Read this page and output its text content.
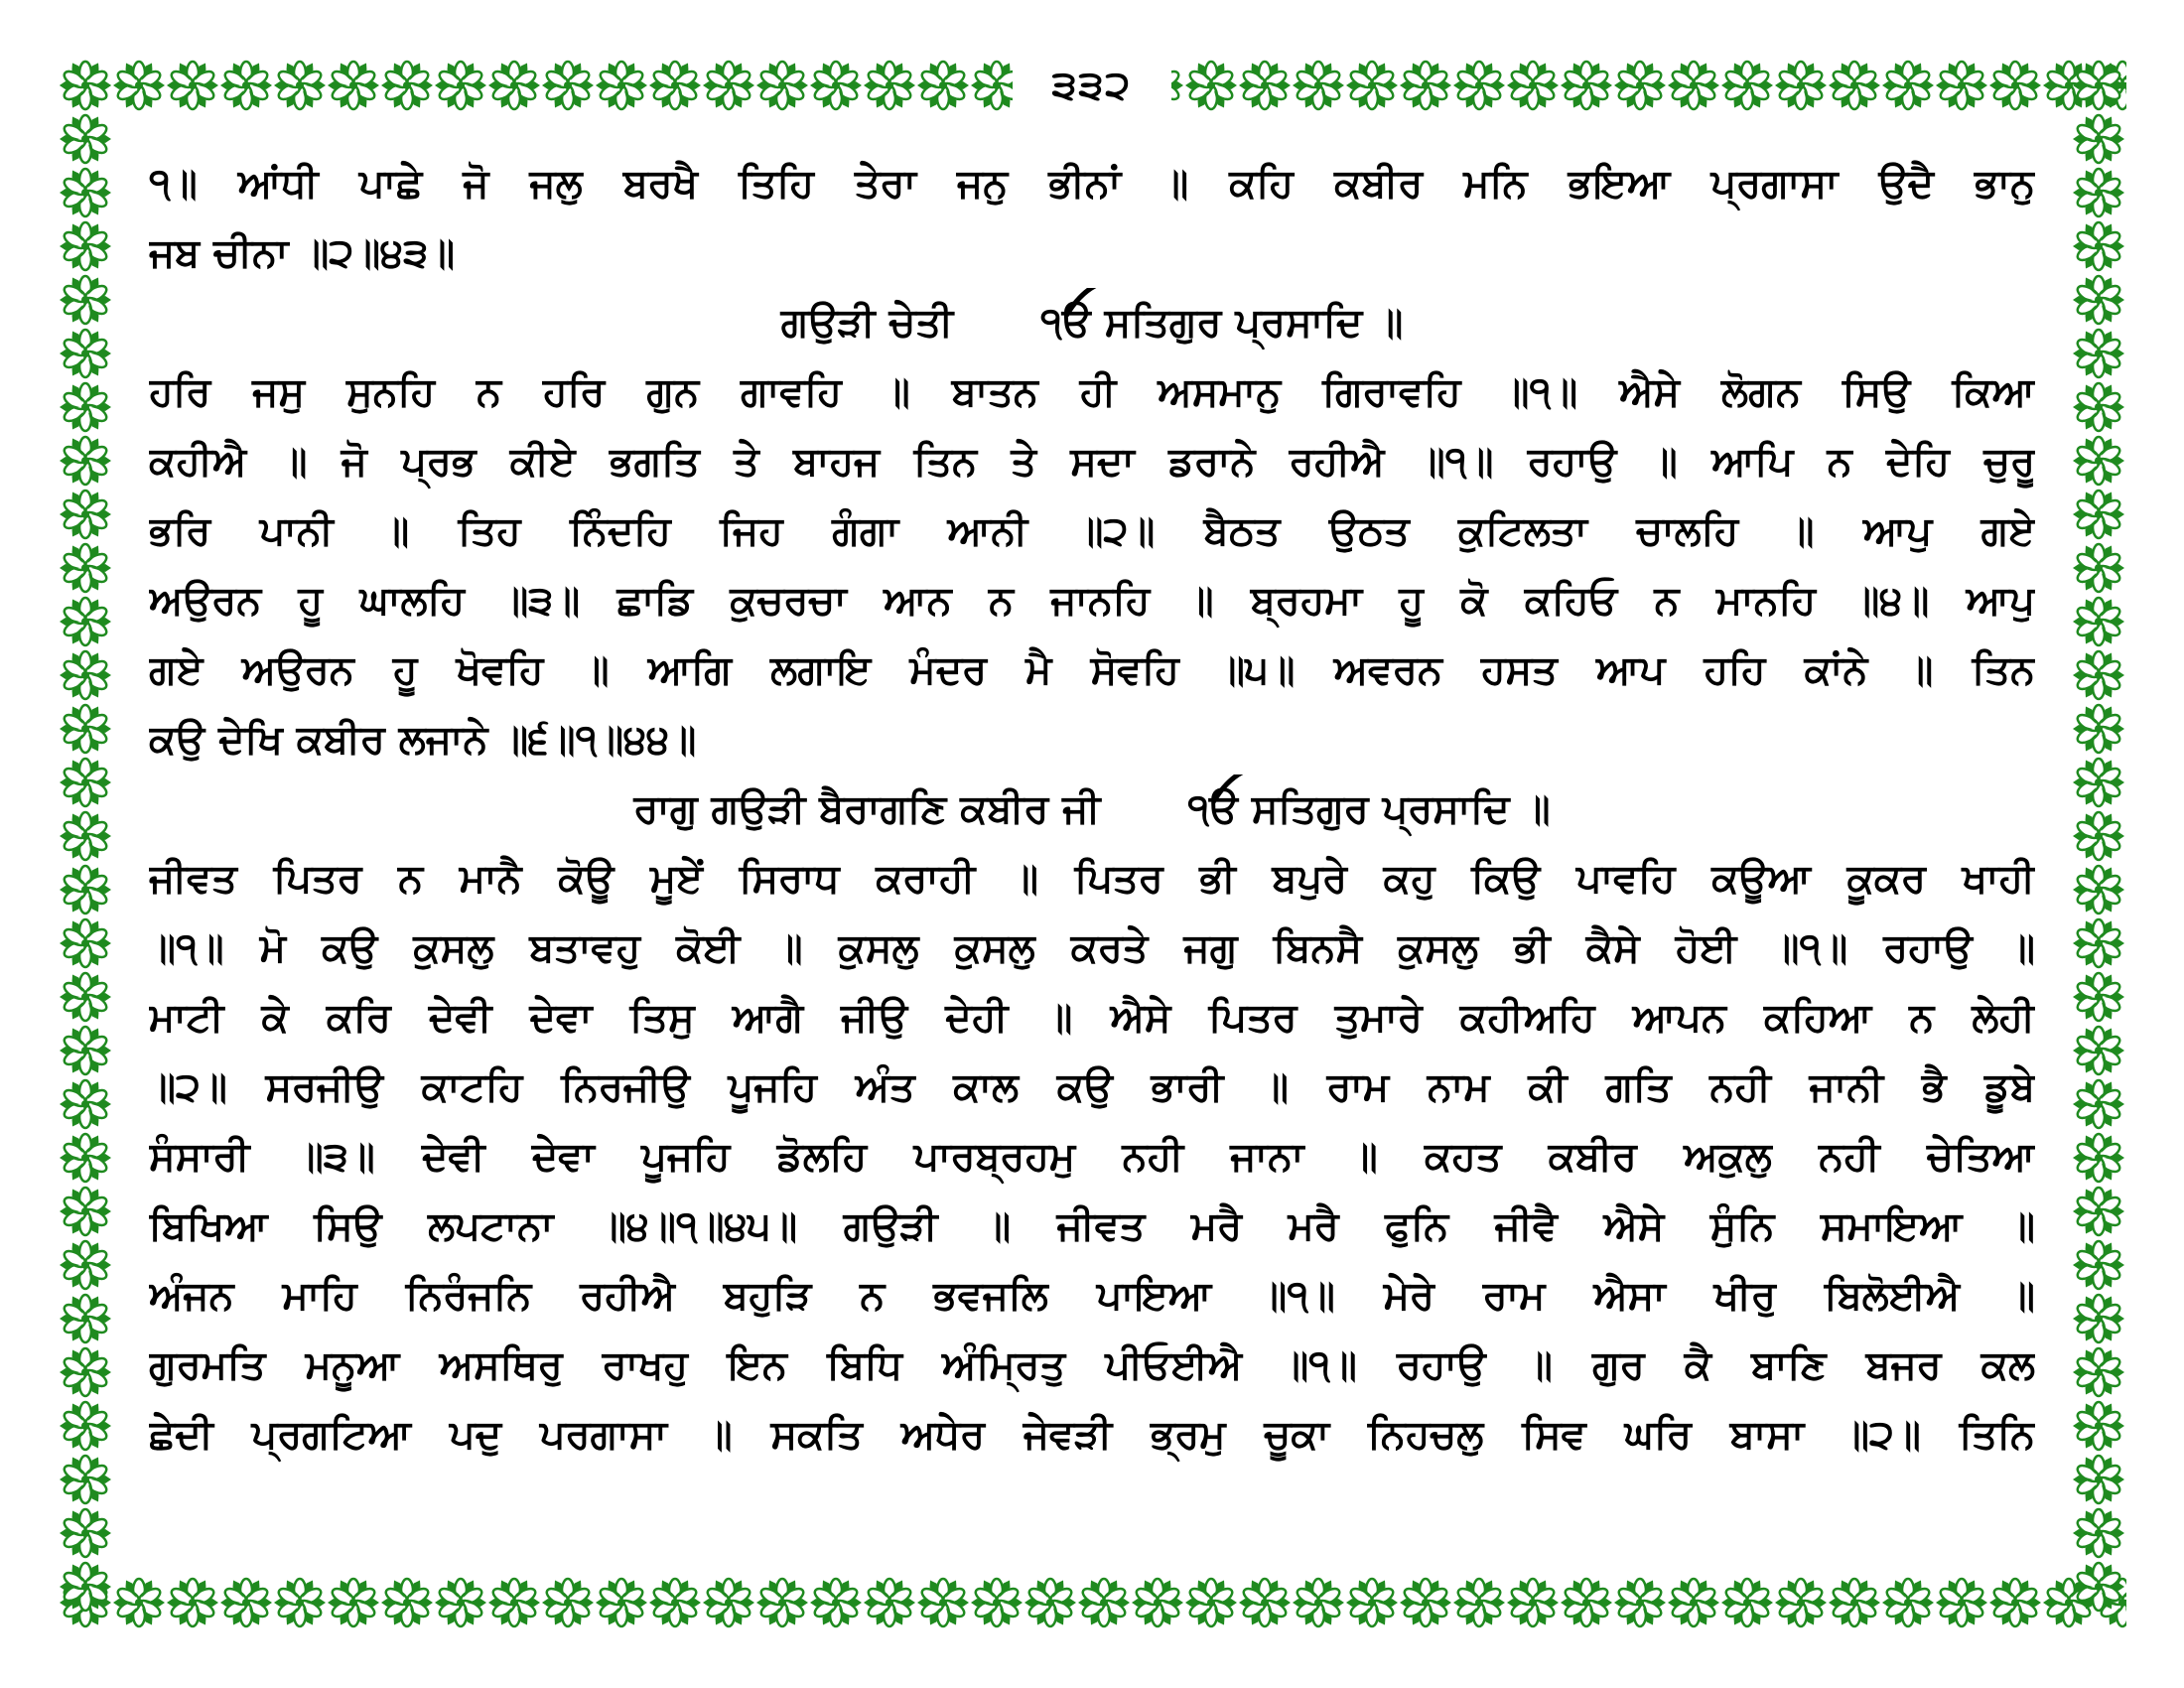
੩੩੨
੧॥ ਆਂਧੀ ਪਾਛੇ ਜੋ ਜਲੁ ਬਰਖੈ ਤਿਹਿ ਤੇਰਾ ਜਨੁ ਭੀਨਾਂ ॥ ਕਹਿ ਕਬੀਰ ਮਨਿ ਭਇਆ ਪ੍ਰਗਾਸਾ ਉਦੈ ਭਾਨੁ
ਜਬ ਚੀਨਾ ॥੨॥੪੩॥
ਗਉੜੀ ਚੇਤੀ ੧ੳ ਸਤਿਗੁਰ ਪ੍ਰਸਾਦਿ ॥
ਹਰਿ ਜਸੁ ਸੁਨਹਿ ਨ ਹਰਿ ਗੁਨ ਗਾਵਹਿ ॥ ਬਾਤਨ ਹੀ ਅਸਮਾਨੁ ਗਿਰਾਵਹਿ ॥੧॥ ਐਸੇ ਲੋਗਨ ਸਿਉ ਕਿਆ
ਕਹੀਐ ॥ ਜੋ ਪ੍ਰਭ ਕੀਏ ਭਗਤਿ ਤੇ ਬਾਹਜ ਤਿਨ ਤੇ ਸਦਾ ਡਰਾਨੇ ਰਹੀਐ ॥੧॥ ਰਹਾਉ ॥ ਆਪਿ ਨ ਦੇਹਿ ਚੁਰੂ
ਭਰਿ ਪਾਨੀ ॥ ਤਿਹ ਨਿੰਦਹਿ ਜਿਹ ਗੰਗਾ ਆਨੀ ॥੨॥ ਬੈਠਤ ਉਠਤ ਕੁਟਿਲਤਾ ਚਾਲਹਿ ॥ ਆਪੁ ਗਏ
ਅਉਰਨ ਹੂ ਘਾਲਹਿ ॥੩॥ ਛਾਡਿ ਕੁਚਰਚਾ ਆਨ ਨ ਜਾਨਹਿ ॥ ਬ੍ਰਹਮਾ ਹੂ ਕੋ ਕਹਿਓ ਨ ਮਾਨਹਿ ॥੪॥ ਆਪੁ
ਗਏ ਅਉਰਨ ਹੂ ਖੋਵਹਿ ॥ ਆਗਿ ਲਗਾਇ ਮੰਦਰ ਮੈ ਸੋਵਹਿ ॥੫॥ ਅਵਰਨ ਹਸਤ ਆਪ ਹਹਿ ਕਾਂਨੇ ॥ ਤਿਨ
ਕਉ ਦੇਖਿ ਕਬੀਰ ਲਜਾਨੇ ॥੬॥੧॥੪੪॥
ਰਾਗੁ ਗਉੜੀ ਬੈਰਾਗਣਿ ਕਬੀਰ ਜੀ ੧ੳ ਸਤਿਗੁਰ ਪ੍ਰਸਾਦਿ ॥
ਜੀਵਤ ਪਿਤਰ ਨ ਮਾਨੈ ਕੋਊ ਮੂਏਂ ਸਿਰਾਧ ਕਰਾਹੀ ॥ ਪਿਤਰ ਭੀ ਬਪੁਰੇ ਕਹੁ ਕਿਉ ਪਾਵਹਿ ਕਊਆ ਕੂਕਰ ਖਾਹੀ
॥੧॥ ਮੋ ਕਉ ਕੁਸਲੁ ਬਤਾਵਹੁ ਕੋਈ ॥ ਕੁਸਲੁ ਕੁਸਲੁ ਕਰਤੇ ਜਗੁ ਬਿਨਸੈ ਕੁਸਲੁ ਭੀ ਕੈਸੇ ਹੋਈ ॥੧॥ ਰਹਾਉ ॥
ਮਾਟੀ ਕੇ ਕਰਿ ਦੇਵੀ ਦੇਵਾ ਤਿਸੁ ਆਗੈ ਜੀਉ ਦੇਹੀ ॥ ਐਸੇ ਪਿਤਰ ਤੁਮਾਰੇ ਕਹੀਅਹਿ ਆਪਨ ਕਹਿਆ ਨ ਲੇਹੀ
॥੨॥ ਸਰਜੀਉ ਕਾਟਹਿ ਨਿਰਜੀਉ ਪੂਜਹਿ ਅੰਤ ਕਾਲ ਕਉ ਭਾਰੀ ॥ ਰਾਮ ਨਾਮ ਕੀ ਗਤਿ ਨਹੀ ਜਾਨੀ ਭੈ ਡੂਬੇ
ਸੰਸਾਰੀ ॥੩॥ ਦੇਵੀ ਦੇਵਾ ਪੂਜਹਿ ਡੋਲਹਿ ਪਾਰਬ੍ਰਹਮੁ ਨਹੀ ਜਾਨਾ ॥ ਕਹਤ ਕਬੀਰ ਅਕੁਲੁ ਨਹੀ ਚੇਤਿਆ
ਬਿਖਿਆ ਸਿਉ ਲਪਟਾਨਾ ॥੪॥੧॥੪੫॥ ਗਉੜੀ ॥ ਜੀਵਤ ਮਰੈ ਮਰੈ ਫੁਨਿ ਜੀਵੈ ਐਸੇ ਸੁੰਨਿ ਸਮਾਇਆ ॥
ਅੰਜਨ ਮਾਹਿ ਨਿਰੰਜਨਿ ਰਹੀਐ ਬਹੁੜਿ ਨ ਭਵਜਲਿ ਪਾਇਆ ॥੧॥ ਮੇਰੇ ਰਾਮ ਐਸਾ ਖੀਰੁ ਬਿਲੋਈਐ ॥
ਗੁਰਮਤਿ ਮਨੂਆ ਅਸਥਿਰੁ ਰਾਖਹੁ ਇਨ ਬਿਧਿ ਅੰਮ੍ਰਿਤੁ ਪੀਓਈਐ ॥੧॥ ਰਹਾਉ ॥ ਗੁਰ ਕੈ ਬਾਣਿ ਬਜਰ ਕਲ
ਛੇਦੀ ਪ੍ਰਗਟਿਆ ਪਦੁ ਪਰਗਾਸਾ ॥ ਸਕਤਿ ਅਧੇਰ ਜੇਵੜੀ ਭ੍ਰਮੁ ਚੂਕਾ ਨਿਹਚਲੁ ਸਿਵ ਘਰਿ ਬਾਸਾ ॥੨॥ ਤਿਨਿ
